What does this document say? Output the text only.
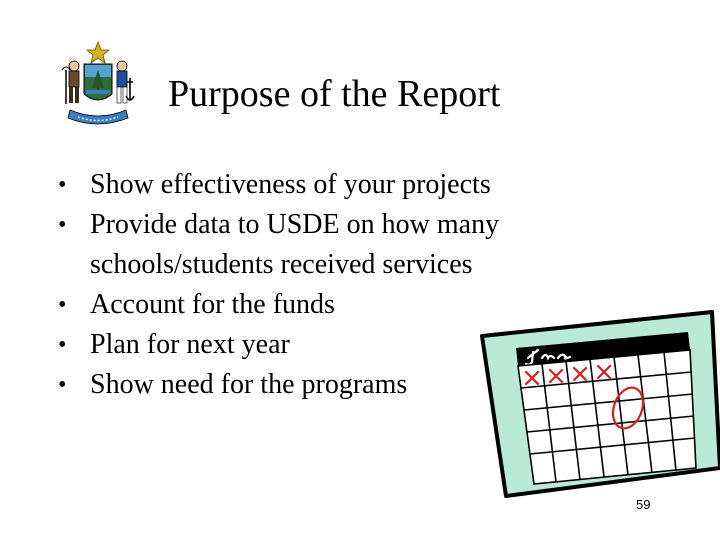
Purpose of the Report
• Show effectiveness of your projects
• Provide data to USDE on how many
schools/students received services
• Account for the funds
• Plan for next year
• Show need for the programs
59
